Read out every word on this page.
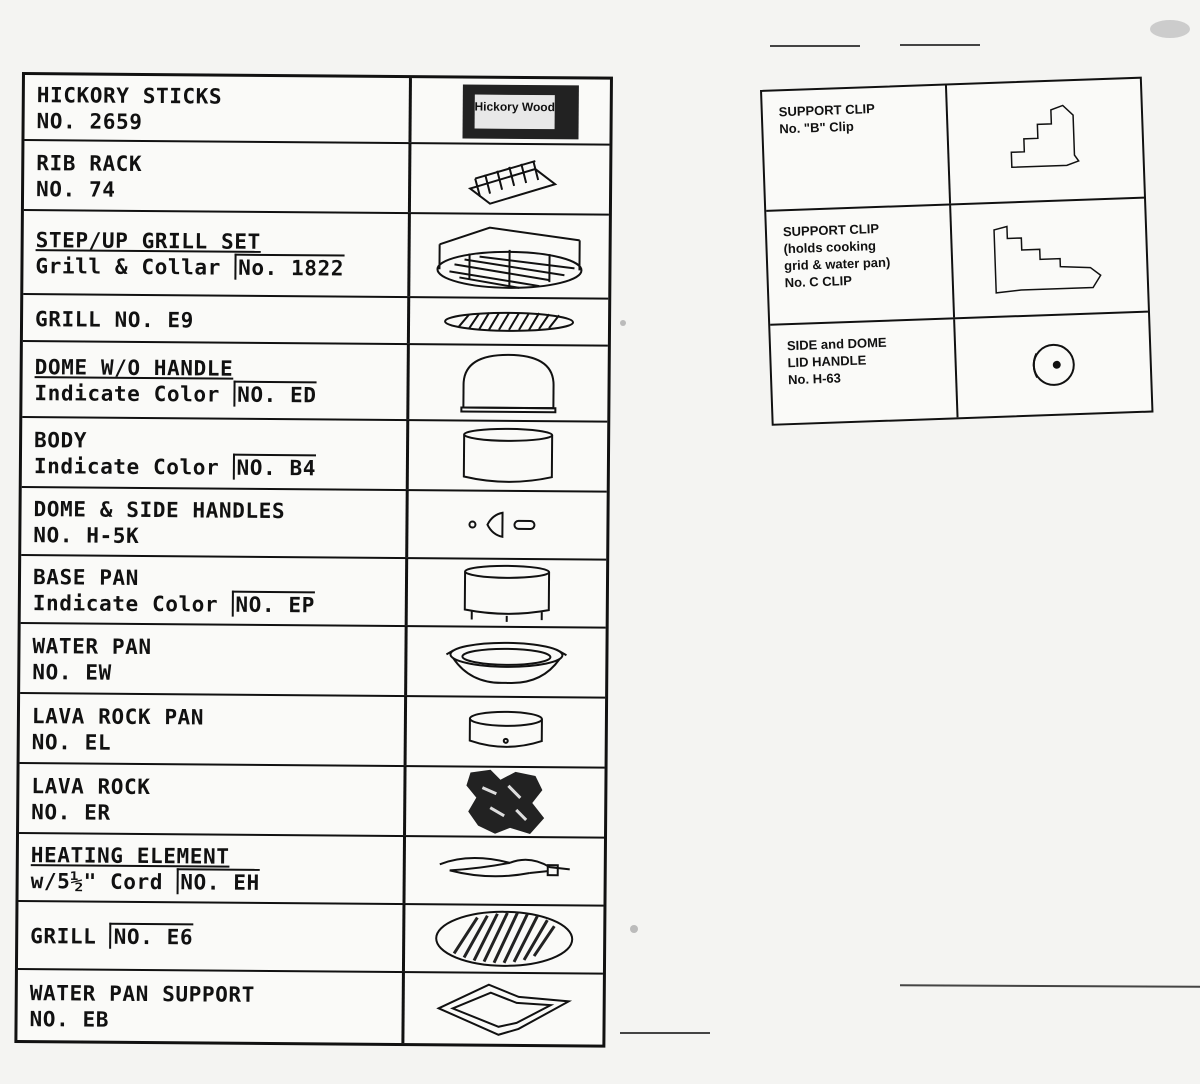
HICKORY STICKS
NO. 2659
Hickory Wood
RIB RACK
NO. 74
STEP/UP GRILL SET
Grill & Collar No. 1822
GRILL NO. E9
DOME W/O HANDLE
Indicate Color NO. ED
BODY
Indicate Color NO. B4
DOME & SIDE HANDLES
NO. H-5K
BASE PAN
Indicate Color NO. EP
WATER PAN
NO. EW
LAVA ROCK PAN
NO. EL
LAVA ROCK
NO. ER
HEATING ELEMENT
w/5½" Cord NO. EH
GRILL NO. E6
WATER PAN SUPPORT
NO. EB
SUPPORT CLIP
No. "B" Clip
SUPPORT CLIP
(holds cooking
grid & water pan)
No. C CLIP
SIDE and DOME
LID HANDLE
No. H-63
